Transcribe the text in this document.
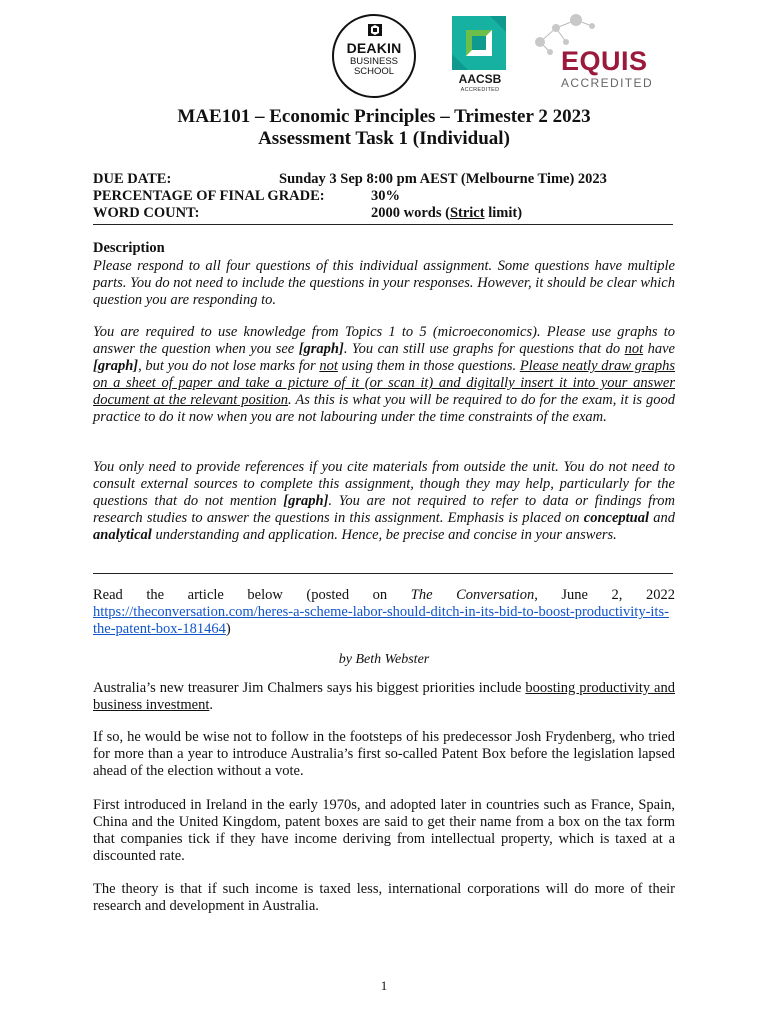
DEAKIN
BUSINESS
SCHOOL
AACSB
ACCREDITED
EQUIS
ACCREDITED
MAE101 – Economic Principles – Trimester 2 2023
Assessment Task 1 (Individual)
DUE DATE:	Sunday 3 Sep 8:00 pm AEST (Melbourne Time) 2023
PERCENTAGE OF FINAL GRADE:	30%
WORD COUNT:	2000 words (Strict limit)
Description
Please respond to all four questions of this individual assignment. Some questions have multiple parts. You do not need to include the questions in your responses. However, it should be clear which question you are responding to.
You are required to use knowledge from Topics 1 to 5 (microeconomics). Please use graphs to answer the question when you see [graph]. You can still use graphs for questions that do not have [graph], but you do not lose marks for not using them in those questions. Please neatly draw graphs on a sheet of paper and take a picture of it (or scan it) and digitally insert it into your answer document at the relevant position. As this is what you will be required to do for the exam, it is good practice to do it now when you are not labouring under the time constraints of the exam.
You only need to provide references if you cite materials from outside the unit. You do not need to consult external sources to complete this assignment, though they may help, particularly for the questions that do not mention [graph]. You are not required to refer to data or findings from research studies to answer the questions in this assignment. Emphasis is placed on conceptual and analytical understanding and application. Hence, be precise and concise in your answers.
Read the article below (posted on The Conversation, June 2, 2022 https://theconversation.com/heres-a-scheme-labor-should-ditch-in-its-bid-to-boost-productivity-its-the-patent-box-181464)
by Beth Webster
Australia’s new treasurer Jim Chalmers says his biggest priorities include boosting productivity and business investment.
If so, he would be wise not to follow in the footsteps of his predecessor Josh Frydenberg, who tried for more than a year to introduce Australia’s first so-called Patent Box before the legislation lapsed ahead of the election without a vote.
First introduced in Ireland in the early 1970s, and adopted later in countries such as France, Spain, China and the United Kingdom, patent boxes are said to get their name from a box on the tax form that companies tick if they have income deriving from intellectual property, which is taxed at a discounted rate.
The theory is that if such income is taxed less, international corporations will do more of their research and development in Australia.
1
